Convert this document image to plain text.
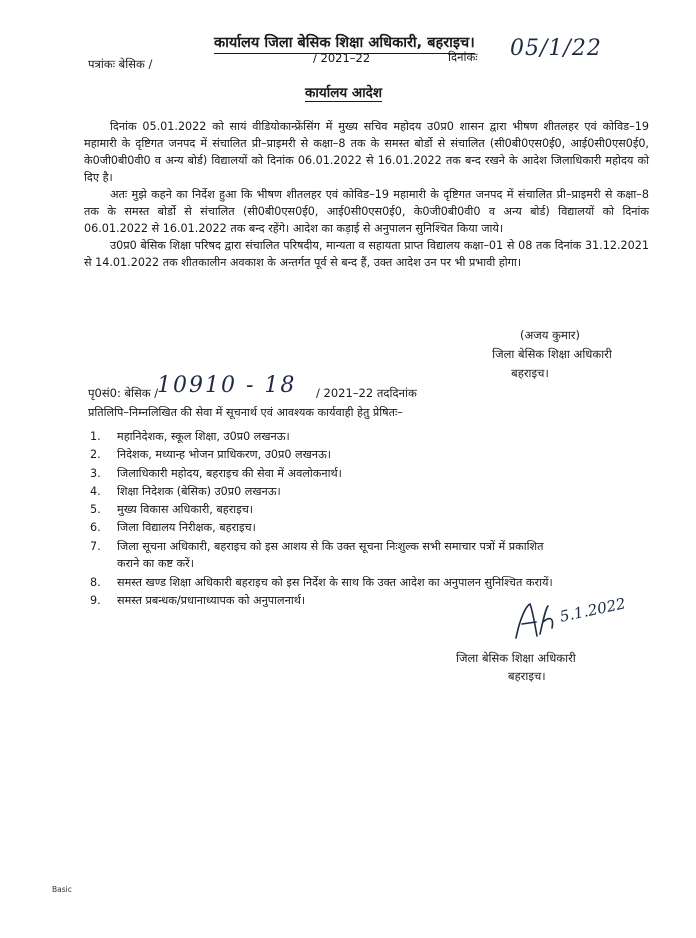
कार्यालय जिला बेसिक शिक्षा अधिकारी, बहराइच।
पत्रांकः बेसिक /	/ 2021–22	दिनांकः 05/1/22
कार्यालय आदेश

दिनांक 05.01.2022 को सायं वीडियोकान्फ्रेंसिंग में मुख्य सचिव महोदय उ0प्र0 शासन द्वारा भीषण शीतलहर एवं कोविड–19 महामारी के दृष्टिगत जनपद में संचालित प्री–प्राइमरी से कक्षा–8 तक के समस्त बोर्डो से संचालित (सी0बी0एस0ई0, आई0सी0एस0ई0, के0जी0बी0वी0 व अन्य बोर्ड) विद्यालयों को दिनांक 06.01.2022 से 16.01.2022 तक बन्द रखने के आदेश जिलाधिकारी महोदय को दिए है।

अतः मुझे कहने का निर्देश हुआ कि भीषण शीतलहर एवं कोविड–19 महामारी के दृष्टिगत जनपद में संचालित प्री–प्राइमरी से कक्षा–8 तक के समस्त बोर्डो से संचालित (सी0बी0एस0ई0, आई0सी0एस0ई0, के0जी0बी0वी0 व अन्य बोर्ड) विद्यालयों को दिनांक 06.01.2022 से 16.01.2022 तक बन्द रहेंगे। आदेश का कड़ाई से अनुपालन सुनिश्चित किया जाये।

उ0प्र0 बेसिक शिक्षा परिषद द्वारा संचालित परिषदीय, मान्यता व सहायता प्राप्त विद्यालय कक्षा–01 से 08 तक दिनांक 31.12.2021 से 14.01.2022 तक शीतकालीन अवकाश के अन्तर्गत पूर्व से बन्द हैं, उक्त आदेश उन पर भी प्रभावी होगा।

(अजय कुमार)
जिला बेसिक शिक्षा अधिकारी
बहराइच।
पृ0सं0: बेसिक /
10910 - 18 / 2021–22 तददिनांक
प्रतिलिपि–निम्नलिखित की सेवा में सूचनार्थ एवं आवश्यक कार्यवाही हेतु प्रेषितः–
1.	महानिदेशक, स्कूल शिक्षा, उ0प्र0 लखनऊ।
2.	निदेशक, मध्यान्ह भोजन प्राधिकरण, उ0प्र0 लखनऊ।
3.	जिलाधिकारी महोदय, बहराइच की सेवा में अवलोकनार्थ।
4.	शिक्षा निदेशक (बेसिक) उ0प्र0 लखनऊ।
5.	मुख्य विकास अधिकारी, बहराइच।
6.	जिला विद्यालय निरीक्षक, बहराइच।
7.	जिला सूचना अधिकारी, बहराइच को इस आशय से कि उक्त सूचना निःशुल्क सभी समाचार पत्रों में प्रकाशित कराने का कष्ट करें।
8.	समस्त खण्ड शिक्षा अधिकारी बहराइच को इस निर्देश के साथ कि उक्त आदेश का अनुपालन सुनिश्चित करायें।
9.	समस्त प्रबन्धक/प्रधानाध्यापक को अनुपालनार्थ।	5.1.2022
जिला बेसिक शिक्षा अधिकारी
बहराइच।
Basic
